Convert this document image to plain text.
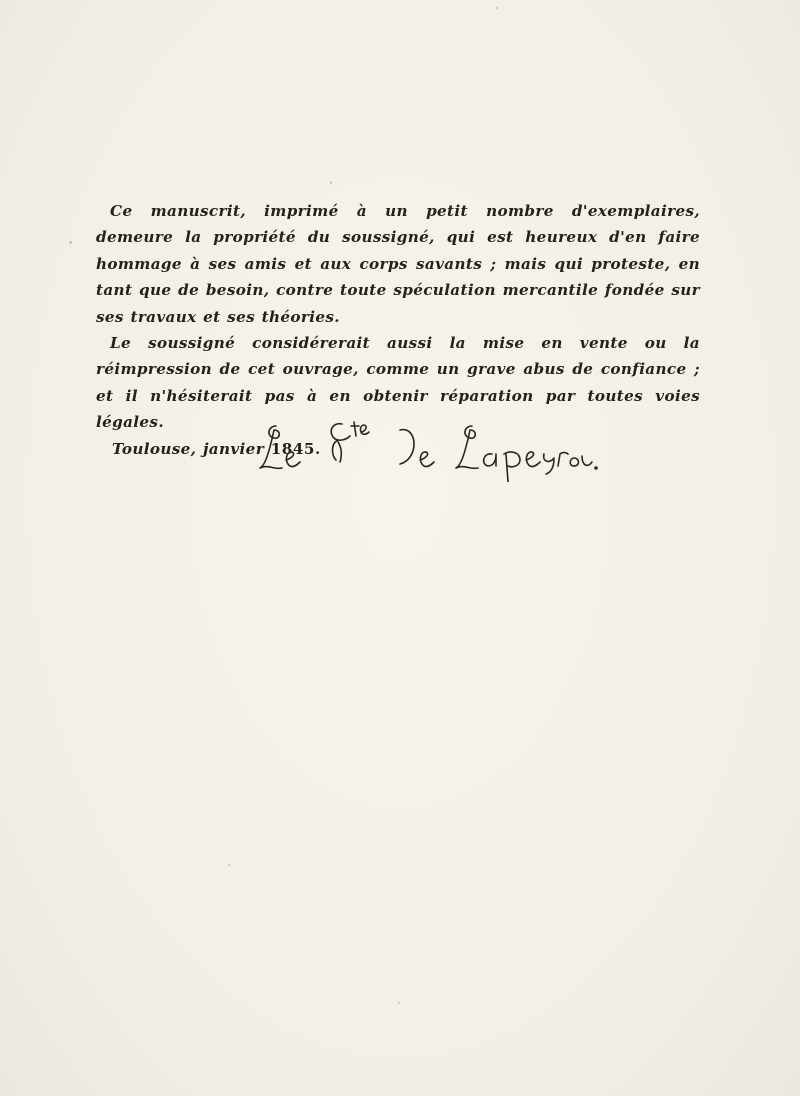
Ce manuscrit, imprimé à un petit nombre d'exemplaires, demeure la propriété du soussigné, qui est heureux d'en faire hommage à ses amis et aux corps savants ; mais qui proteste, en tant que de besoin, contre toute spéculation mercantile fondée sur ses travaux et ses théories.

Le soussigné considérerait aussi la mise en vente ou la réimpression de cet ouvrage, comme un grave abus de confiance ; et il n'hésiterait pas à en obtenir réparation par toutes voies légales.

Toulouse, janvier 1845.
